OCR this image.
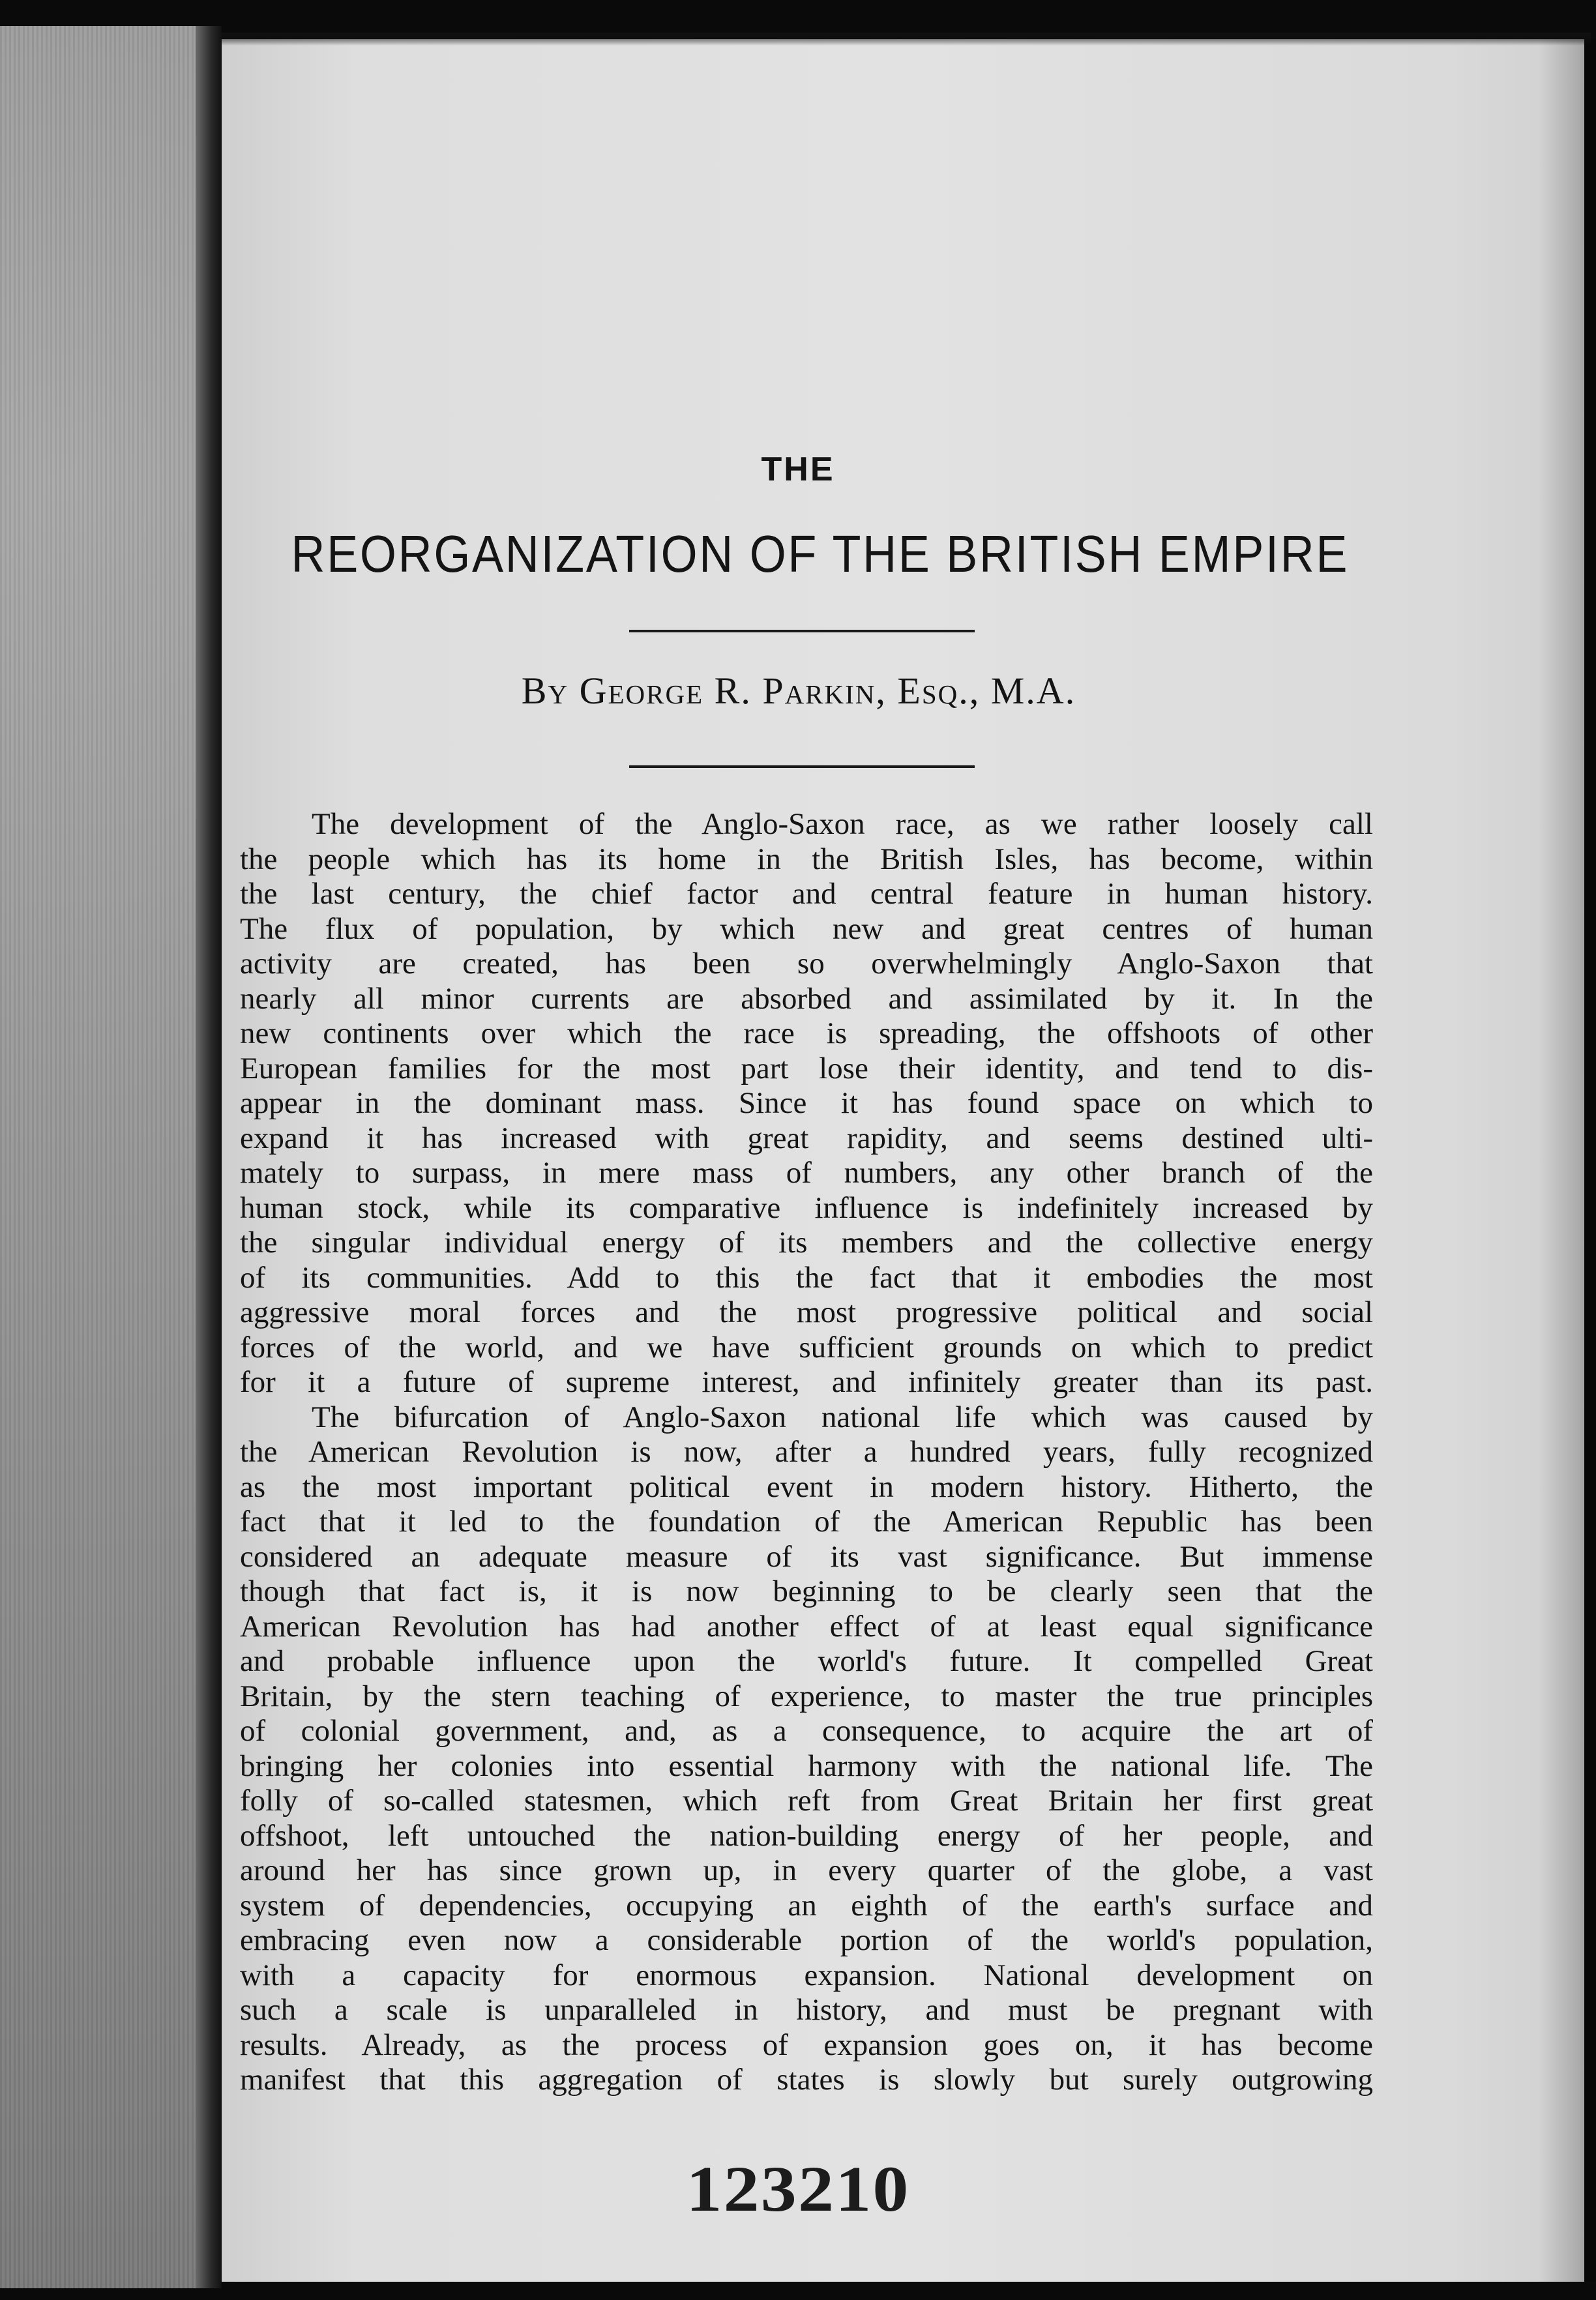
THE
REORGANIZATION OF THE BRITISH EMPIRE
By George R. Parkin, Esq., M.A.
The development of the Anglo-Saxon race, as we rather loosely call
the people which has its home in the British Isles, has become, within
the last century, the chief factor and central feature in human history.
The flux of population, by which new and great centres of human
activity are created, has been so overwhelmingly Anglo-Saxon that
nearly all minor currents are absorbed and assimilated by it. In the
new continents over which the race is spreading, the offshoots of other
European families for the most part lose their identity, and tend to dis-
appear in the dominant mass. Since it has found space on which to
expand it has increased with great rapidity, and seems destined ulti-
mately to surpass, in mere mass of numbers, any other branch of the
human stock, while its comparative influence is indefinitely increased by
the singular individual energy of its members and the collective energy
of its communities. Add to this the fact that it embodies the most
aggressive moral forces and the most progressive political and social
forces of the world, and we have sufficient grounds on which to predict
for it a future of supreme interest, and infinitely greater than its past.
The bifurcation of Anglo-Saxon national life which was caused by
the American Revolution is now, after a hundred years, fully recognized
as the most important political event in modern history. Hitherto, the
fact that it led to the foundation of the American Republic has been
considered an adequate measure of its vast significance. But immense
though that fact is, it is now beginning to be clearly seen that the
American Revolution has had another effect of at least equal significance
and probable influence upon the world's future. It compelled Great
Britain, by the stern teaching of experience, to master the true principles
of colonial government, and, as a consequence, to acquire the art of
bringing her colonies into essential harmony with the national life. The
folly of so-called statesmen, which reft from Great Britain her first great
offshoot, left untouched the nation-building energy of her people, and
around her has since grown up, in every quarter of the globe, a vast
system of dependencies, occupying an eighth of the earth's surface and
embracing even now a considerable portion of the world's population,
with a capacity for enormous expansion. National development on
such a scale is unparalleled in history, and must be pregnant with
results. Already, as the process of expansion goes on, it has become
manifest that this aggregation of states is slowly but surely outgrowing
123210
